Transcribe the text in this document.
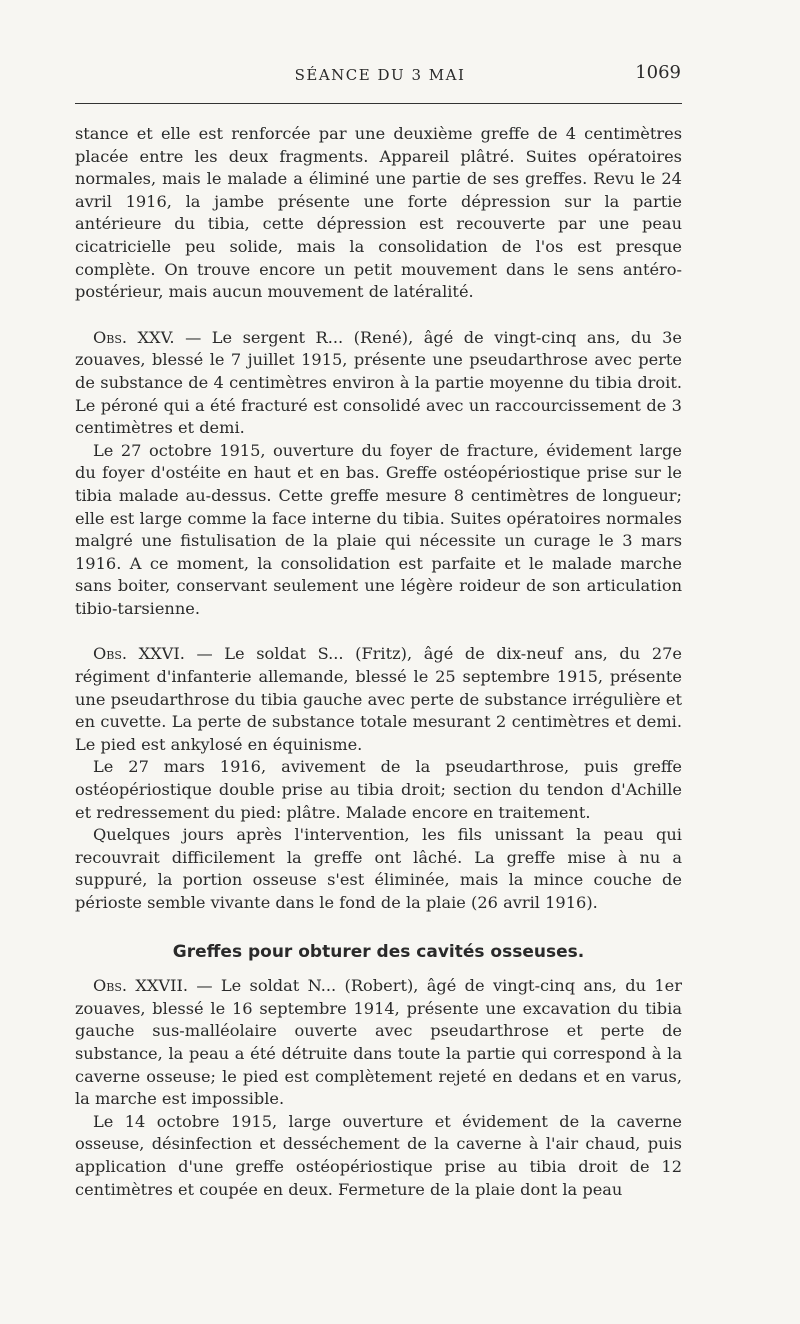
SÉANCE DU 3 MAI	1069

stance et elle est renforcée par une deuxième greffe de 4 centimètres placée entre les deux fragments. Appareil plâtré. Suites opératoires normales, mais le malade a éliminé une partie de ses greffes. Revu le 24 avril 1916, la jambe présente une forte dépression sur la partie antérieure du tibia, cette dépression est recouverte par une peau cicatricielle peu solide, mais la consolidation de l'os est presque complète. On trouve encore un petit mouvement dans le sens antéro-postérieur, mais aucun mouvement de latéralité.

Obs. XXV. — Le sergent R... (René), âgé de vingt-cinq ans, du 3e zouaves, blessé le 7 juillet 1915, présente une pseudarthrose avec perte de substance de 4 centimètres environ à la partie moyenne du tibia droit. Le péroné qui a été fracturé est consolidé avec un raccourcissement de 3 centimètres et demi.

Le 27 octobre 1915, ouverture du foyer de fracture, évidement large du foyer d'ostéite en haut et en bas. Greffe ostéopériostique prise sur le tibia malade au-dessus. Cette greffe mesure 8 centimètres de longueur; elle est large comme la face interne du tibia. Suites opératoires normales malgré une fistulisation de la plaie qui nécessite un curage le 3 mars 1916. A ce moment, la consolidation est parfaite et le malade marche sans boiter, conservant seulement une légère roideur de son articulation tibio-tarsienne.

Obs. XXVI. — Le soldat S... (Fritz), âgé de dix-neuf ans, du 27e régiment d'infanterie allemande, blessé le 25 septembre 1915, présente une pseudarthrose du tibia gauche avec perte de substance irrégulière et en cuvette. La perte de substance totale mesurant 2 centimètres et demi. Le pied est ankylosé en équinisme.

Le 27 mars 1916, avivement de la pseudarthrose, puis greffe ostéopériostique double prise au tibia droit; section du tendon d'Achille et redressement du pied: plâtre. Malade encore en traitement.

Quelques jours après l'intervention, les fils unissant la peau qui recouvrait difficilement la greffe ont lâché. La greffe mise à nu a suppuré, la portion osseuse s'est éliminée, mais la mince couche de périoste semble vivante dans le fond de la plaie (26 avril 1916).

Greffes pour obturer des cavités osseuses.

Obs. XXVII. — Le soldat N... (Robert), âgé de vingt-cinq ans, du 1er zouaves, blessé le 16 septembre 1914, présente une excavation du tibia gauche sus-malléolaire ouverte avec pseudarthrose et perte de substance, la peau a été détruite dans toute la partie qui correspond à la caverne osseuse; le pied est complètement rejeté en dedans et en varus, la marche est impossible.

Le 14 octobre 1915, large ouverture et évidement de la caverne osseuse, désinfection et desséchement de la caverne à l'air chaud, puis application d'une greffe ostéopériostique prise au tibia droit de 12 centimètres et coupée en deux. Fermeture de la plaie dont la peau
